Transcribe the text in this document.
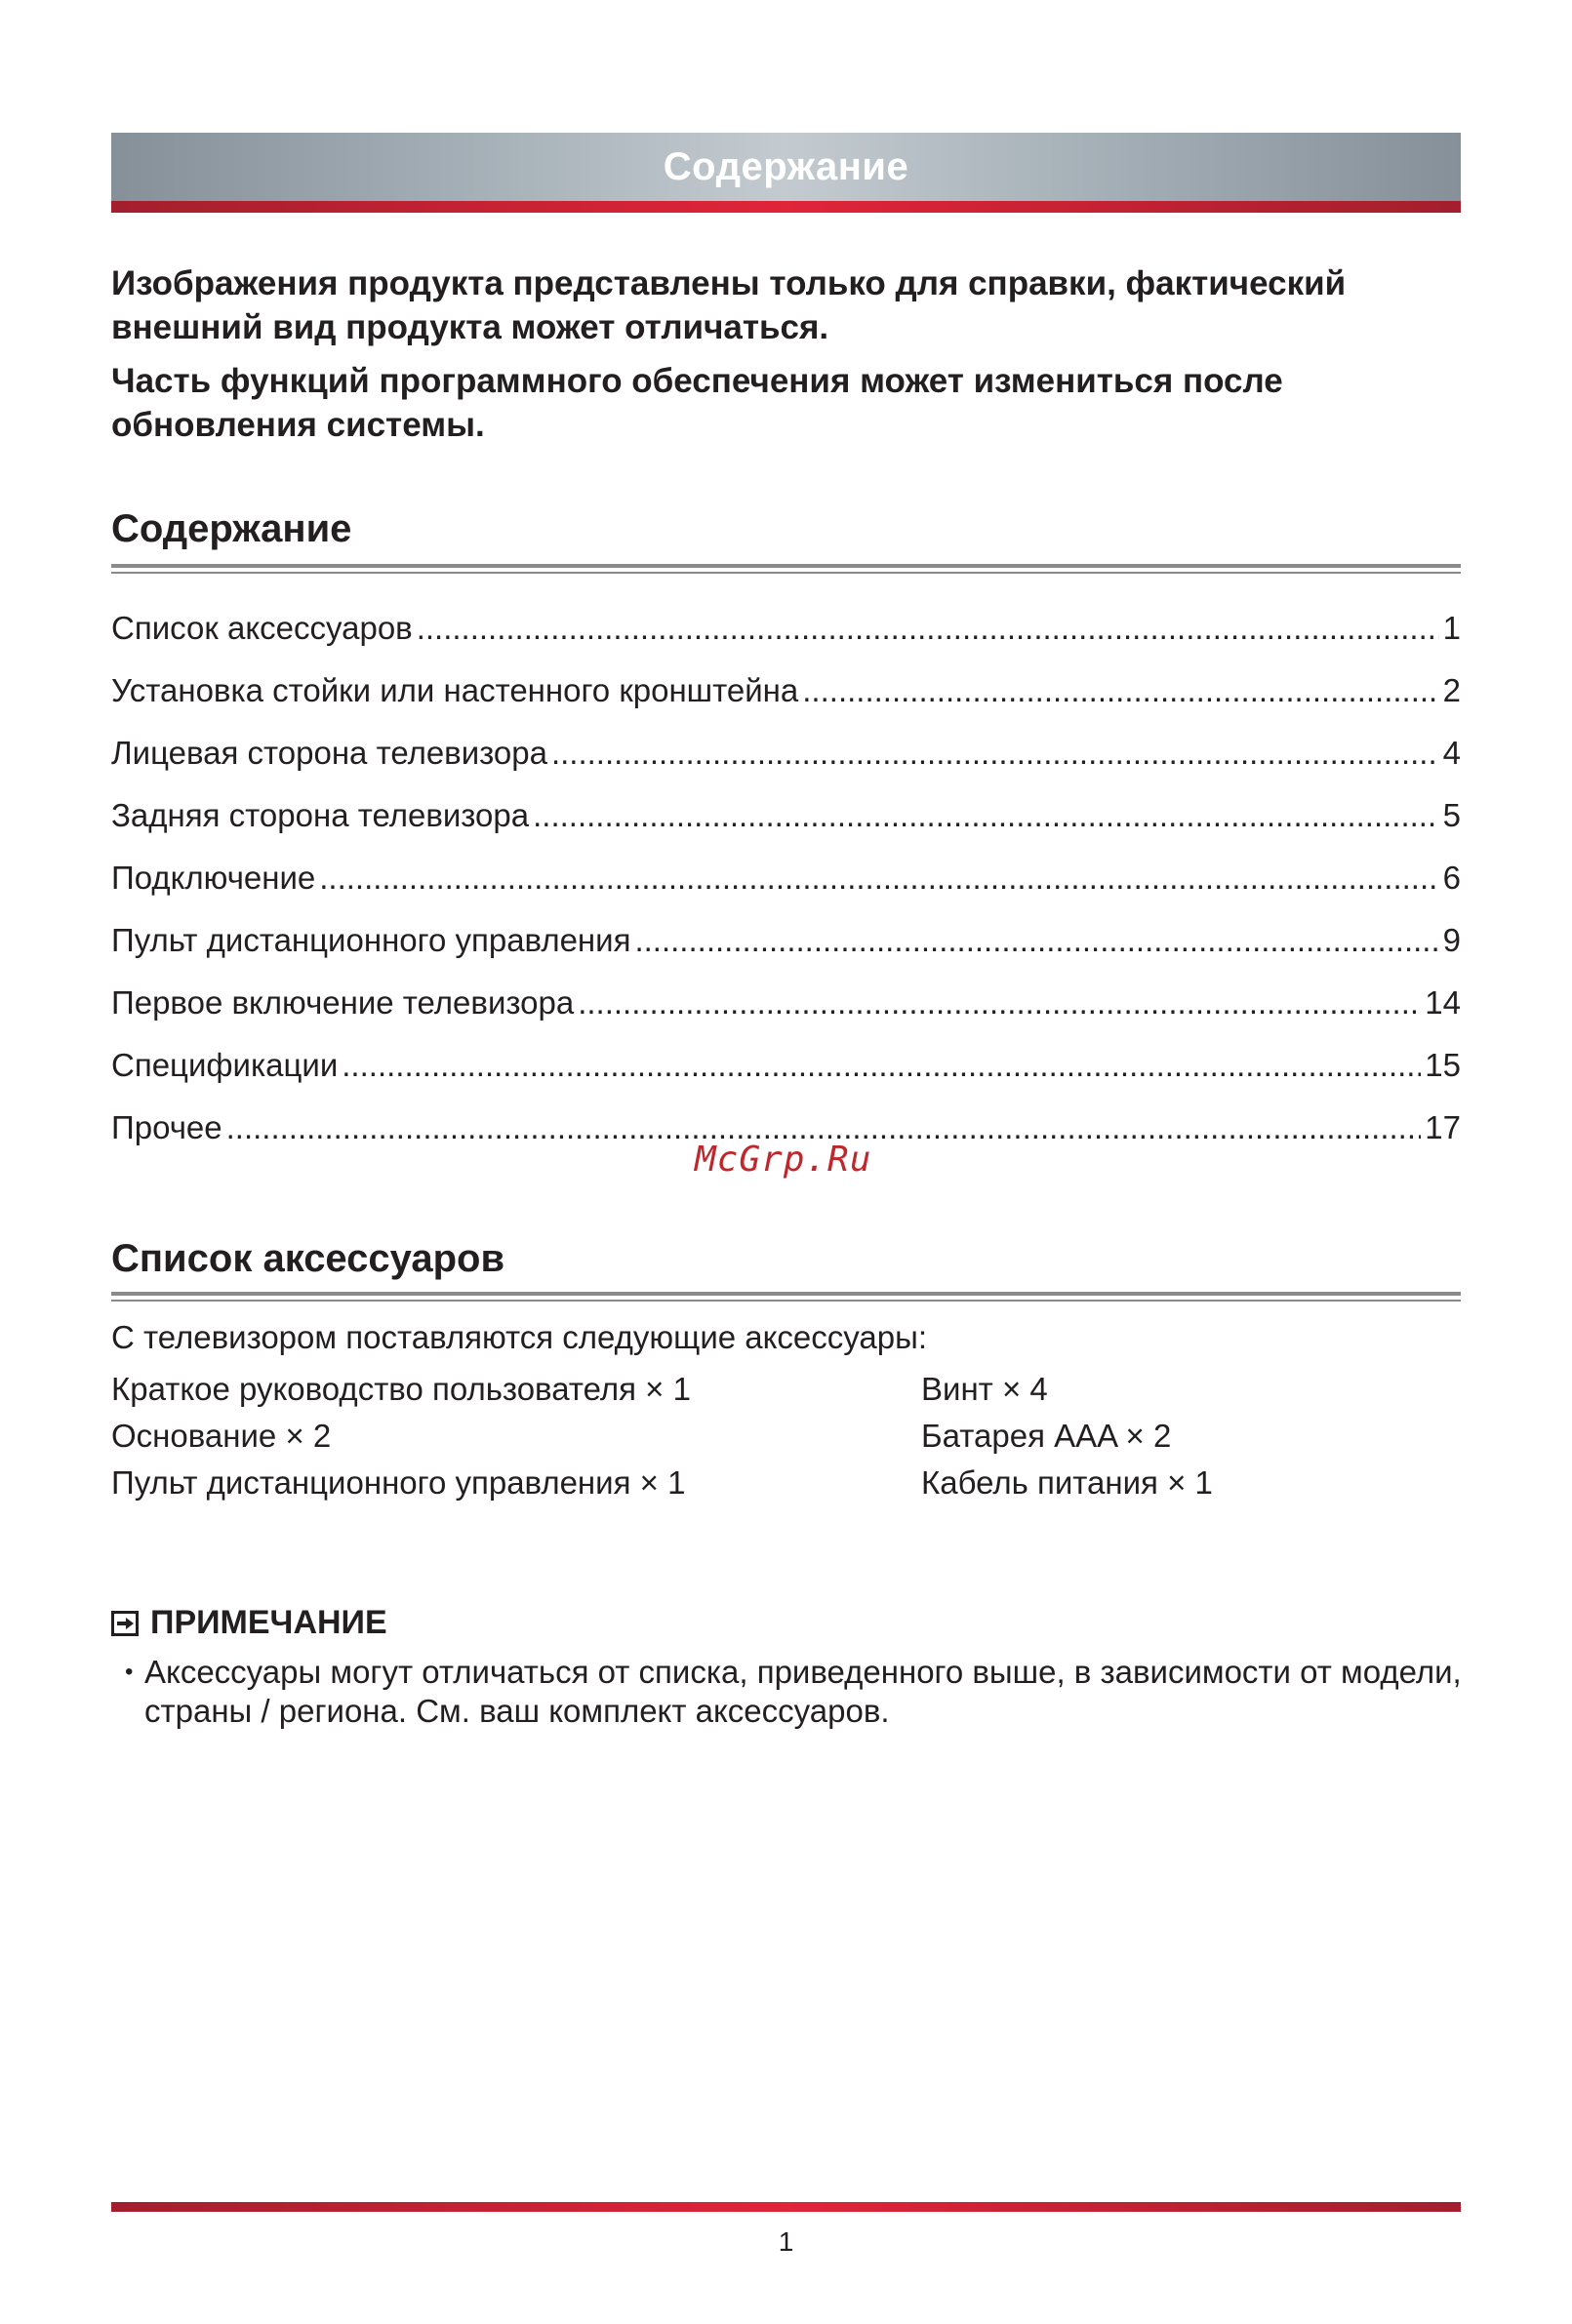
Содержание

Изображения продукта представлены только для справки, фактический внешний вид продукта может отличаться.

Часть функций программного обеспечения может измениться после обновления системы.

Содержание
Список аксессуаров .....	1
Установка стойки или настенного кронштейна .....	2
Лицевая сторона телевизора .....	4
Задняя сторона телевизора .....	5
Подключение .....	6
Пульт дистанционного управления .....	9
Первое включение телевизора .....	14
Спецификации .....	15
Прочее .....	17
McGrp.Ru
Список аксессуаров
С телевизором поставляются следующие аксессуары:
Краткое руководство пользователя × 1	Винт × 4
Основание × 2	Батарея AAA × 2
Пульт дистанционного управления × 1	Кабель питания × 1
ПРИМЕЧАНИЕ
• Аксессуары могут отличаться от списка, приведенного выше, в зависимости от модели, страны / региона. См. ваш комплект аксессуаров.
1
